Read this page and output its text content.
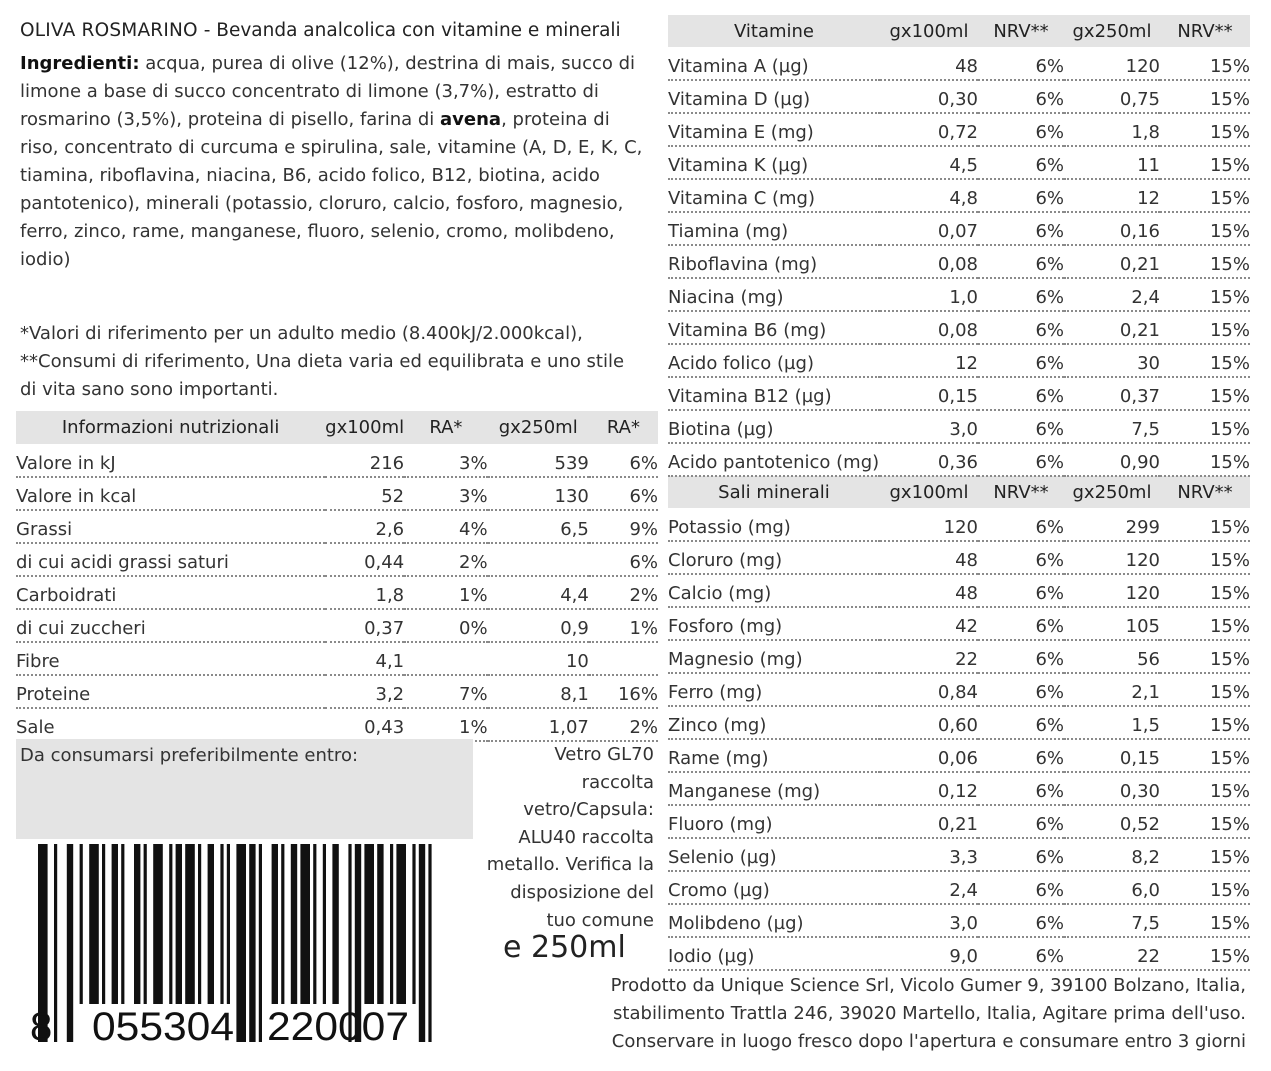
OLIVA ROSMARINO - Bevanda analcolica con vitamine e minerali
Ingredienti: acqua, purea di olive (12%), destrina di mais, succo di limone a base di succo concentrato di limone (3,7%), estratto di rosmarino (3,5%), proteina di pisello, farina di avena, proteina di riso, concentrato di curcuma e spirulina, sale, vitamine (A, D, E, K, C, tiamina, riboflavina, niacina, B6, acido folico, B12, biotina, acido pantotenico), minerali (potassio, cloruro, calcio, fosforo, magnesio, ferro, zinco, rame, manganese, fluoro, selenio, cromo, molibdeno, iodio)
*Valori di riferimento per un adulto medio (8.400kJ/2.000kcal),
**Consumi di riferimento, Una dieta varia ed equilibrata e uno stile di vita sano sono importanti.
Informazioni nutrizionali	gx100ml	RA*	gx250ml	RA*
Valore in kJ	216	3%	539	6%
Valore in kcal	52	3%	130	6%
Grassi	2,6	4%	6,5	9%
di cui acidi grassi saturi	0,44	2%		6%
Carboidrati	1,8	1%	4,4	2%
di cui zuccheri	0,37	0%	0,9	1%
Fibre	4,1		10	
Proteine	3,2	7%	8,1	16%
Sale	0,43	1%	1,07	2%
Vitamine	gx100ml	NRV**	gx250ml	NRV**
Vitamina A (µg)	48	6%	120	15%
Vitamina D (µg)	0,30	6%	0,75	15%
Vitamina E (mg)	0,72	6%	1,8	15%
Vitamina K (µg)	4,5	6%	11	15%
Vitamina C (mg)	4,8	6%	12	15%
Tiamina (mg)	0,07	6%	0,16	15%
Riboflavina (mg)	0,08	6%	0,21	15%
Niacina (mg)	1,0	6%	2,4	15%
Vitamina B6 (mg)	0,08	6%	0,21	15%
Acido folico (µg)	12	6%	30	15%
Vitamina B12 (µg)	0,15	6%	0,37	15%
Biotina (µg)	3,0	6%	7,5	15%
Acido pantotenico (mg)	0,36	6%	0,90	15%
Sali minerali	gx100ml	NRV**	gx250ml	NRV**
Potassio (mg)	120	6%	299	15%
Cloruro (mg)	48	6%	120	15%
Calcio (mg)	48	6%	120	15%
Fosforo (mg)	42	6%	105	15%
Magnesio (mg)	22	6%	56	15%
Ferro (mg)	0,84	6%	2,1	15%
Zinco (mg)	0,60	6%	1,5	15%
Rame (mg)	0,06	6%	0,15	15%
Manganese (mg)	0,12	6%	0,30	15%
Fluoro (mg)	0,21	6%	0,52	15%
Selenio (µg)	3,3	6%	8,2	15%
Cromo (µg)	2,4	6%	6,0	15%
Molibdeno (µg)	3,0	6%	7,5	15%
Iodio (µg)	9,0	6%	22	15%
Da consumarsi preferibilmente entro:	Vetro GL70 raccolta vetro/Capsula: ALU40 raccolta metallo. Verifica la disposizione del tuo comune
e 250ml
Prodotto da Unique Science Srl, Vicolo Gumer 9, 39100 Bolzano, Italia,
stabilimento Trattla 246, 39020 Martello, Italia, Agitare prima dell'uso.
Conservare in luogo fresco dopo l'apertura e consumare entro 3 giorni
8 055304 220007
